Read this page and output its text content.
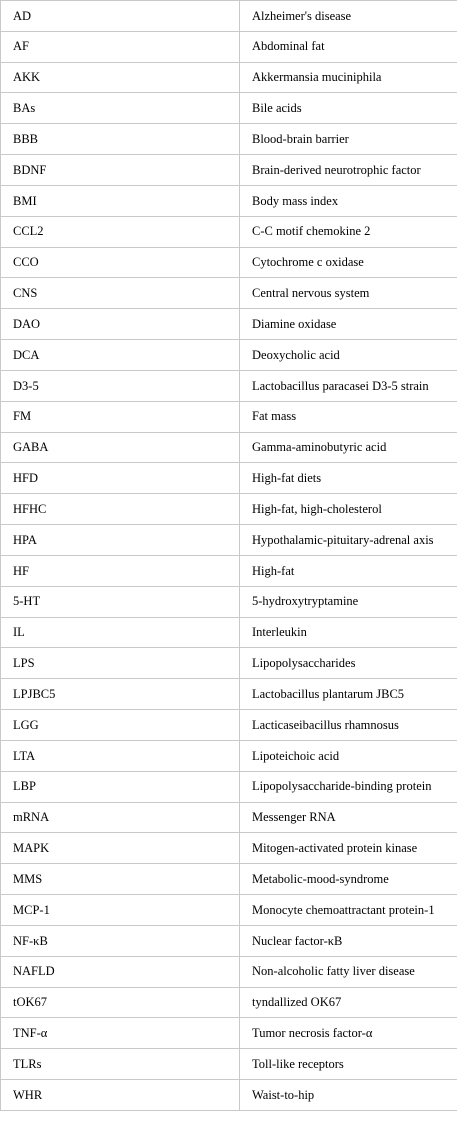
AD	Alzheimer's disease
AF	Abdominal fat
AKK	Akkermansia muciniphila
BAs	Bile acids
BBB	Blood-brain barrier
BDNF	Brain-derived neurotrophic factor
BMI	Body mass index
CCL2	C-C motif chemokine 2
CCO	Cytochrome c oxidase
CNS	Central nervous system
DAO	Diamine oxidase
DCA	Deoxycholic acid
D3-5	Lactobacillus paracasei D3-5 strain
FM	Fat mass
GABA	Gamma-aminobutyric acid
HFD	High-fat diets
HFHC	High-fat, high-cholesterol
HPA	Hypothalamic-pituitary-adrenal axis
HF	High-fat
5-HT	5-hydroxytryptamine
IL	Interleukin
LPS	Lipopolysaccharides
LPJBC5	Lactobacillus plantarum JBC5
LGG	Lacticaseibacillus rhamnosus
LTA	Lipoteichoic acid
LBP	Lipopolysaccharide-binding protein
mRNA	Messenger RNA
MAPK	Mitogen-activated protein kinase
MMS	Metabolic-mood-syndrome
MCP-1	Monocyte chemoattractant protein-1
NF-κB	Nuclear factor-κB
NAFLD	Non-alcoholic fatty liver disease
tOK67	tyndallized OK67
TNF-α	Tumor necrosis factor-α
TLRs	Toll-like receptors
WHR	Waist-to-hip
